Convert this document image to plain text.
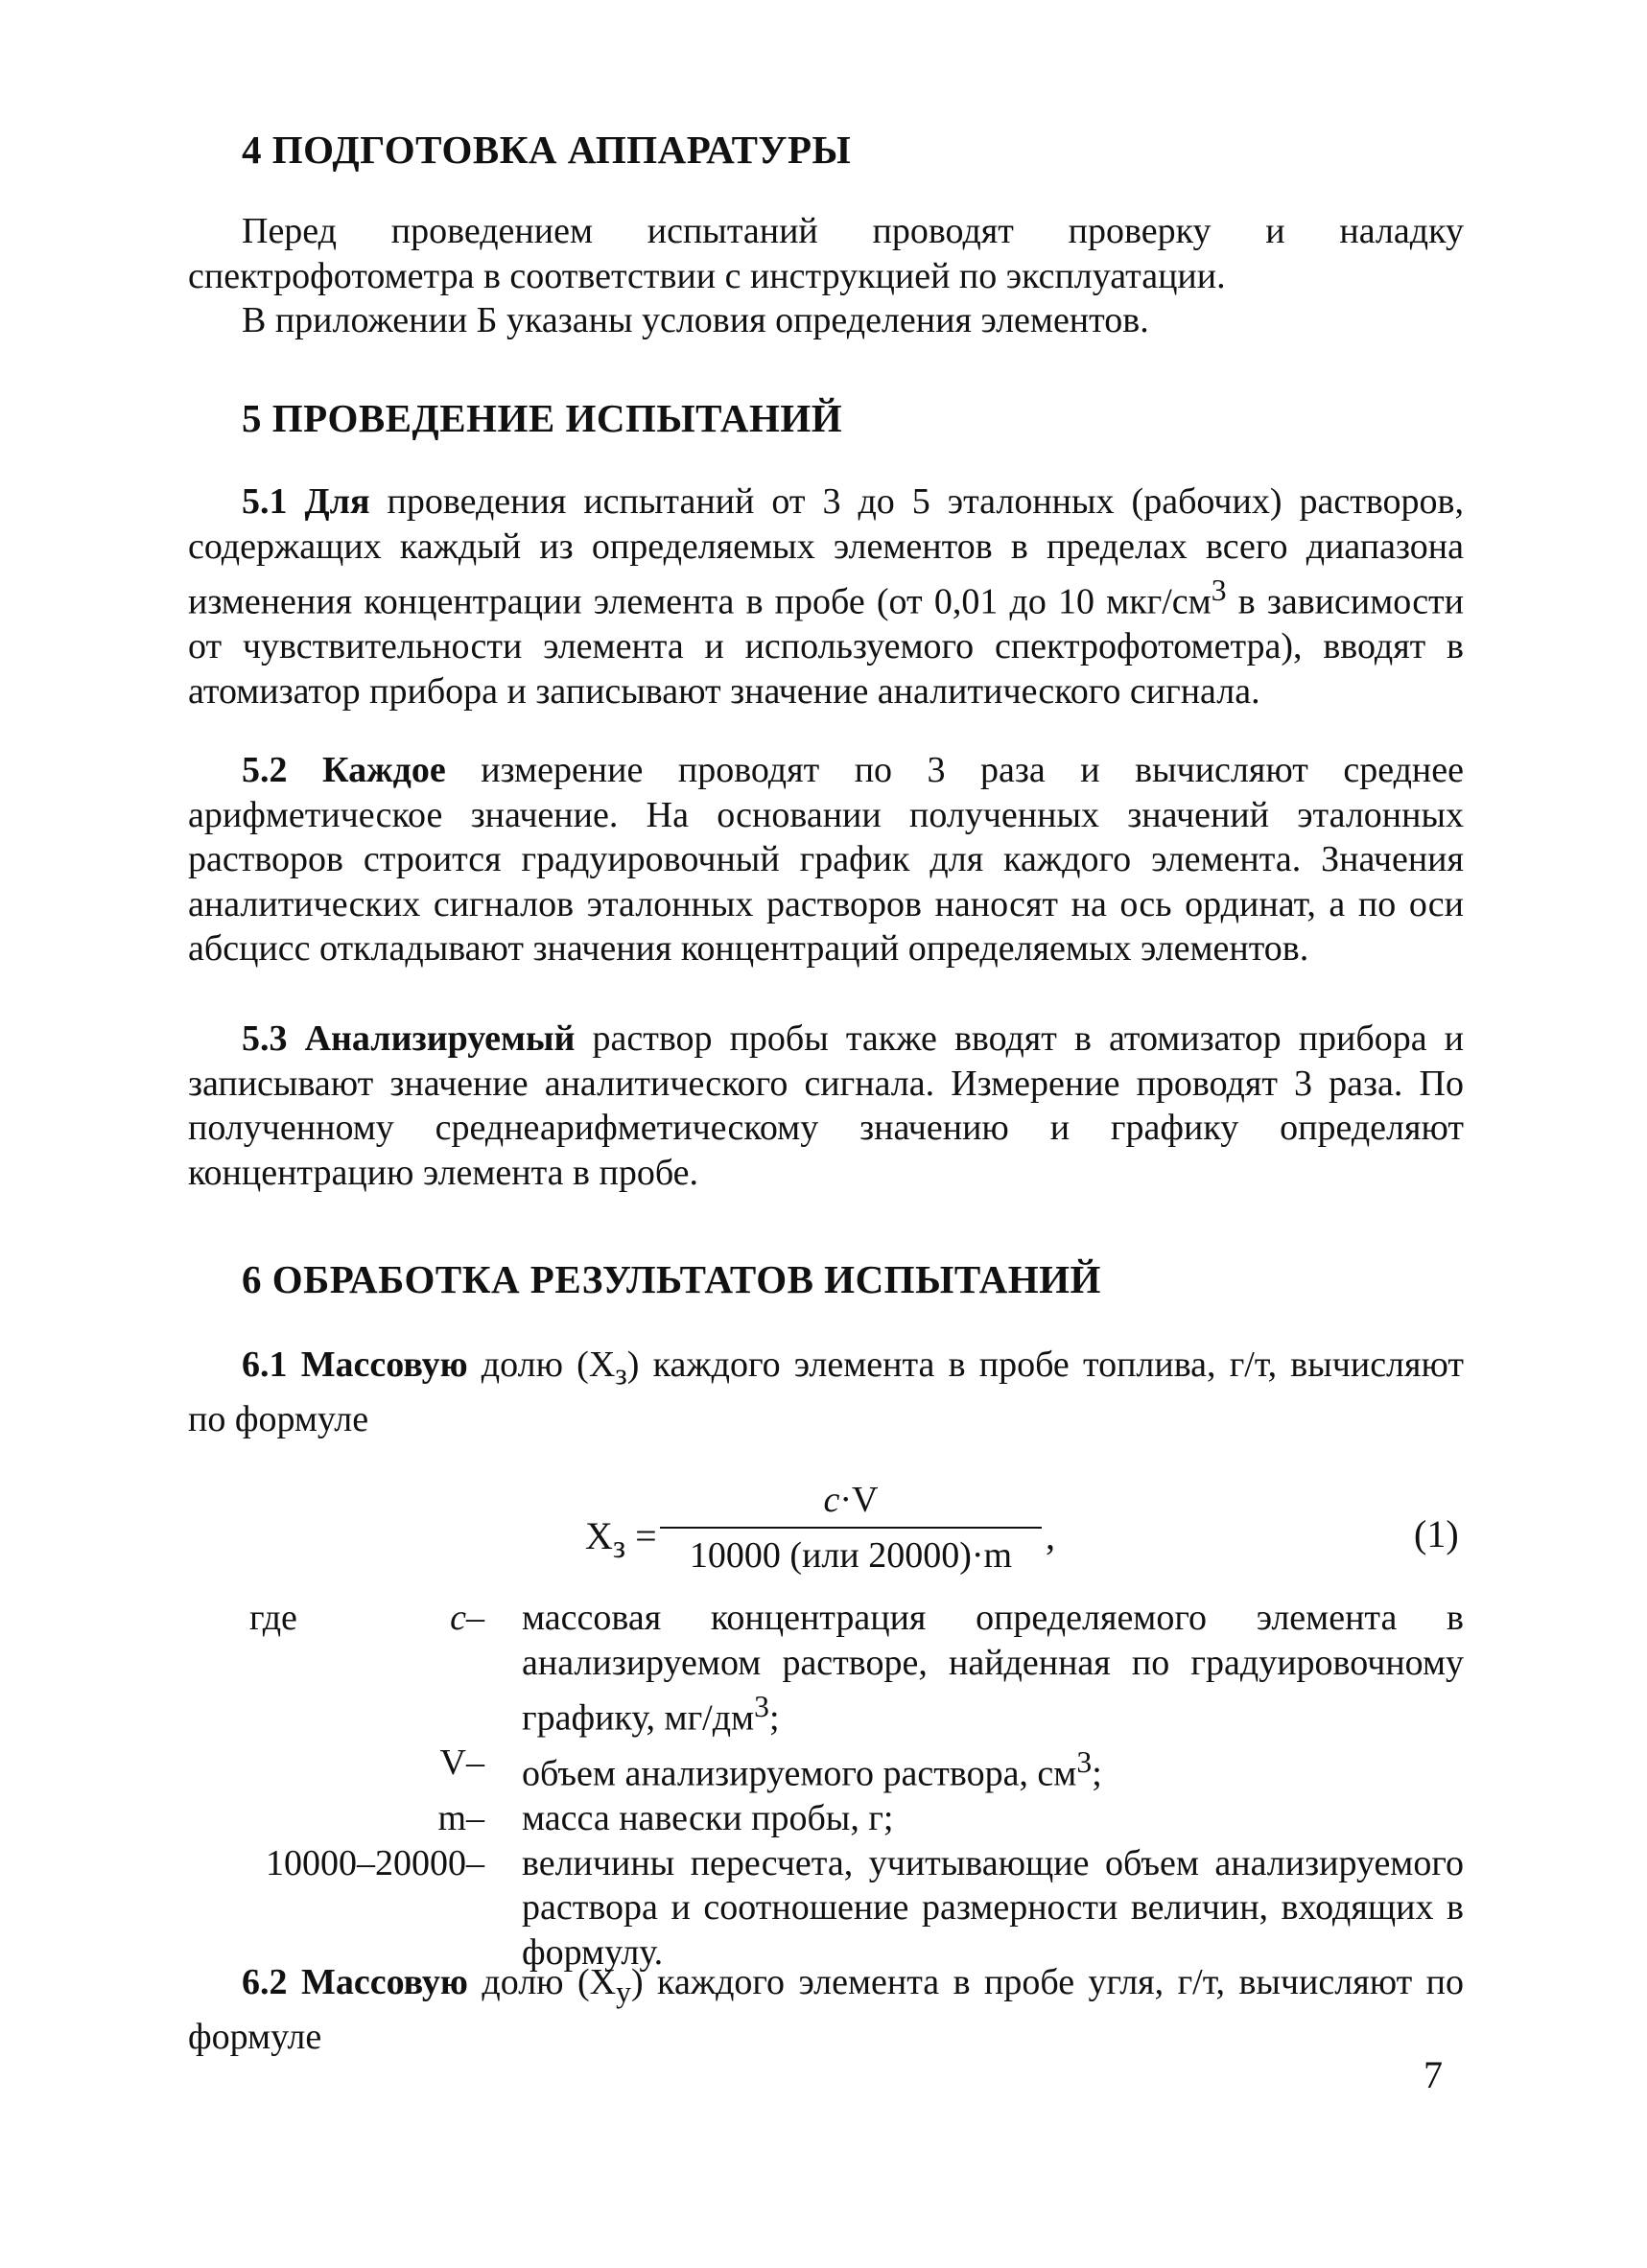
4 ПОДГОТОВКА АППАРАТУРЫ

Перед проведением испытаний проводят проверку и наладку спектрофотометра в соответствии с инструкцией по эксплуатации.

В приложении Б указаны условия определения элементов.

5 ПРОВЕДЕНИЕ ИСПЫТАНИЙ

5.1 Для проведения испытаний от 3 до 5 эталонных (рабочих) растворов, содержащих каждый из определяемых элементов в пределах всего диапазона изменения концентрации элемента в пробе (от 0,01 до 10 мкг/$см^3$ в зависимости от чувствительности элемента и используемого спектрофотометра), вводят в атомизатор прибора и записывают значение аналитического сигнала.

5.2 Каждое измерение проводят по 3 раза и вычисляют среднее арифметическое значение. На основании полученных значений эталонных растворов строится градуировочный график для каждого элемента. Значения аналитических сигналов эталонных растворов наносят на ось ординат, а по оси абсцисс откладывают значения концентраций определяемых элементов.

5.3 Анализируемый раствор пробы также вводят в атомизатор прибора и записывают значение аналитического сигнала. Измерение проводят 3 раза. По полученному среднеарифметическому значению и графику определяют концентрацию элемента в пробе.

6 ОБРАБОТКА РЕЗУЛЬТАТОВ ИСПЫТАНИЙ

6.1 Массовую долю $(X_з)$ каждого элемента в пробе топлива, г/т, вычисляют по формуле

$X_з$ =
c·V
10000 (или 20000)·m ,	(1)
где	c –	массовая концентрация определяемого элемента в анализируемом растворе, найденная по градуировочному графику, $мг/дм^3$;
V –	объем анализируемого раствора, $см^3$;
m –	масса навески пробы, г;
10000–20000 –	величины пересчета, учитывающие объем анализируемого раствора и соотношение размерности величин, входящих в формулу.

6.2 Массовую долю $(X_у)$ каждого элемента в пробе угля, г/т, вычисляют по формуле

7
